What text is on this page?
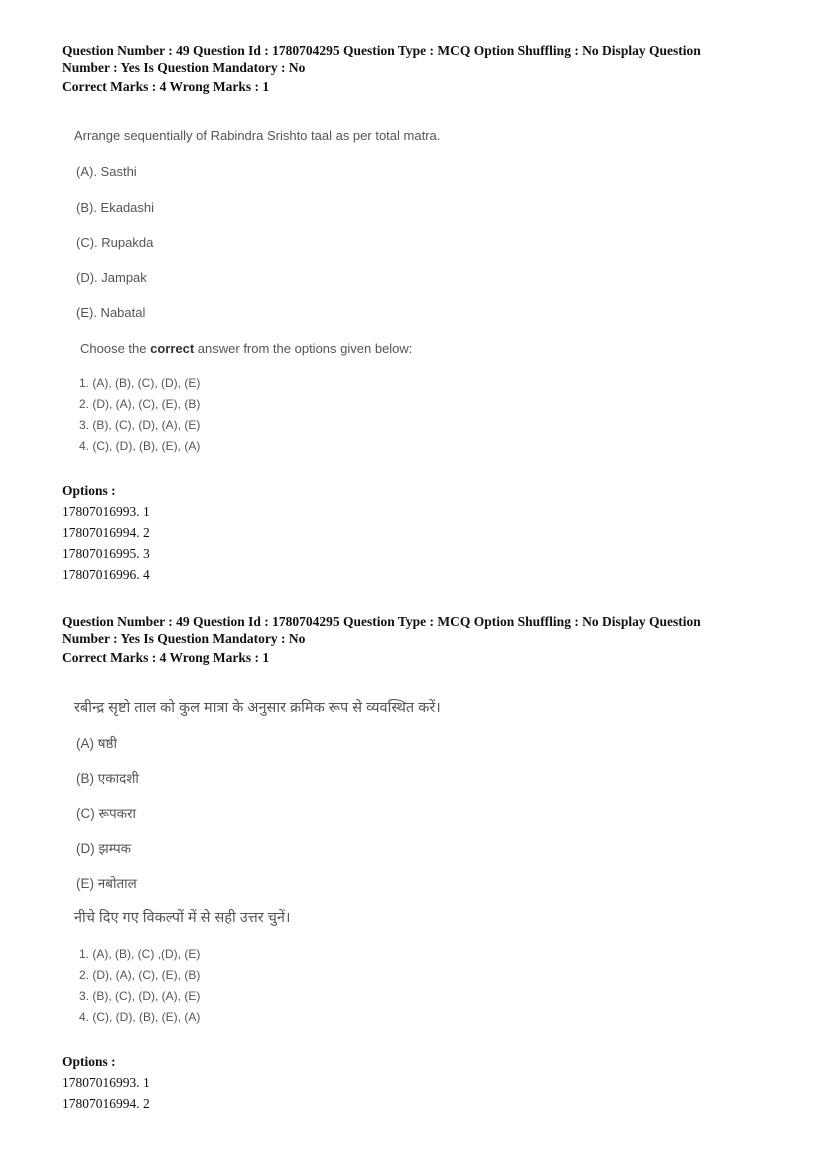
Question Number : 49 Question Id : 1780704295 Question Type : MCQ Option Shuffling : No Display Question
Number : Yes Is Question Mandatory : No
Correct Marks : 4 Wrong Marks : 1

Arrange sequentially of Rabindra Srishto taal as per total matra.

(A). Sasthi
(B). Ekadashi
(C). Rupakda
(D). Jampak
(E). Nabatal
Choose the correct answer from the options given below:
1. (A), (B), (C), (D), (E)
2. (D), (A), (C), (E), (B)
3. (B), (C), (D), (A), (E)
4. (C), (D), (B), (E), (A)
Options :
17807016993. 1
17807016994. 2
17807016995. 3
17807016996. 4
Question Number : 49 Question Id : 1780704295 Question Type : MCQ Option Shuffling : No Display Question
Number : Yes Is Question Mandatory : No
Correct Marks : 4 Wrong Marks : 1

रबीन्द्र सृष्टो ताल को कुल मात्रा के अनुसार क्रमिक रूप से व्यवस्थित करें।

(A) षष्ठी
(B) एकादशी
(C) रूपकरा
(D) झम्पक
(E) नबोताल
नीचे दिए गए विकल्पों में से सही उत्तर चुनें।
1. (A), (B), (C) ,(D), (E)
2. (D), (A), (C), (E), (B)
3. (B), (C), (D), (A), (E)
4. (C), (D), (B), (E), (A)
Options :
17807016993. 1
17807016994. 2
